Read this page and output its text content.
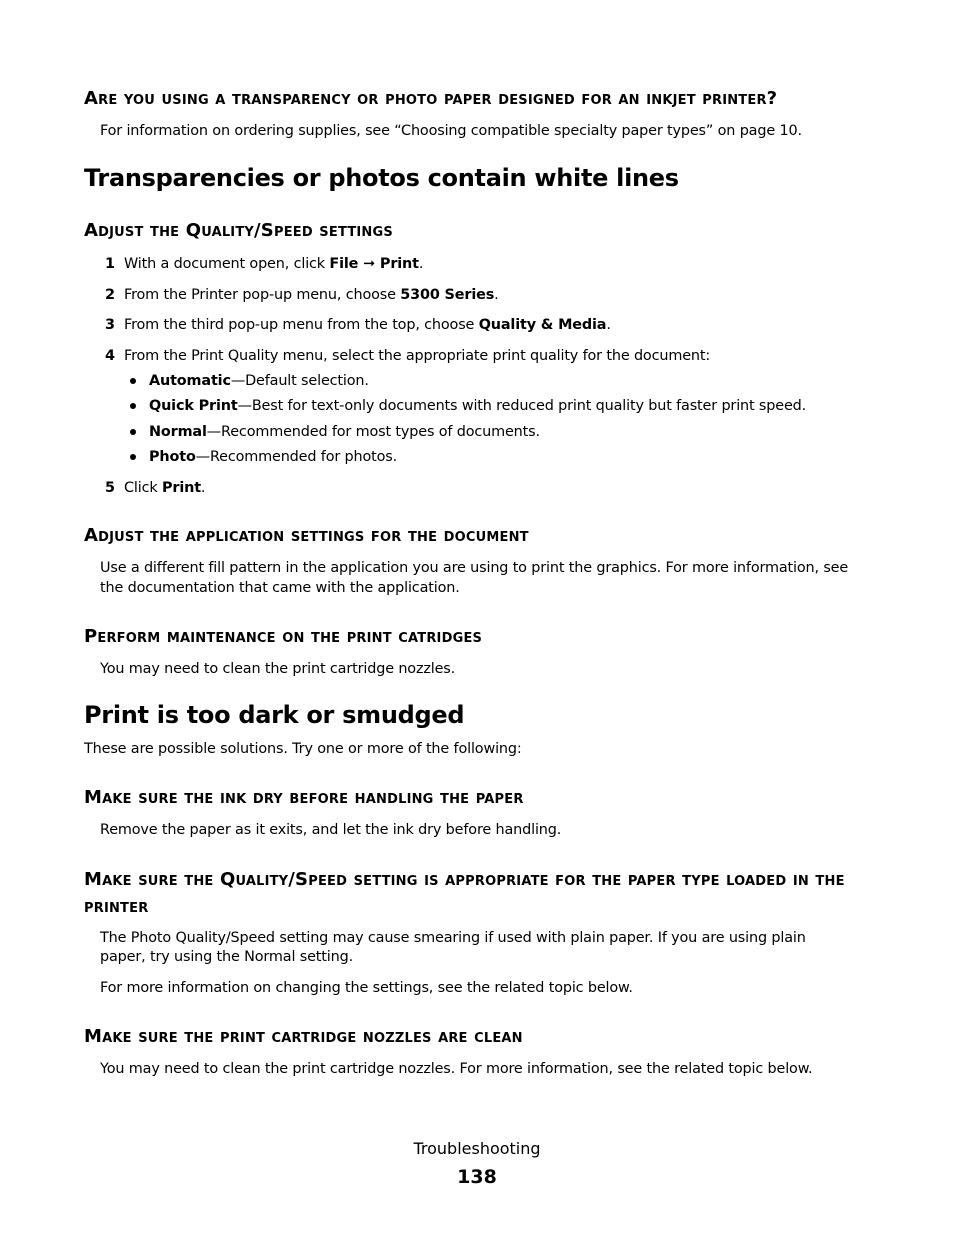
Are you using a transparency or photo paper designed for an inkjet printer?

For information on ordering supplies, see “Choosing compatible specialty paper types” on page 10.

Transparencies or photos contain white lines
Adjust the Quality/Speed settings
1 With a document open, click File ➞ Print.
2 From the Printer pop-up menu, choose 5300 Series.
3 From the third pop-up menu from the top, choose Quality & Media.
4 From the Print Quality menu, select the appropriate print quality for the document:
Automatic—Default selection.
Quick Print—Best for text-only documents with reduced print quality but faster print speed.
Normal—Recommended for most types of documents.
Photo—Recommended for photos.
5 Click Print.
Adjust the application settings for the document

Use a different fill pattern in the application you are using to print the graphics. For more information, see the documentation that came with the application.

Perform maintenance on the print catridges

You may need to clean the print cartridge nozzles.

Print is too dark or smudged

These are possible solutions. Try one or more of the following:

Make sure the ink dry before handling the paper

Remove the paper as it exits, and let the ink dry before handling.

Make sure the Quality/Speed setting is appropriate for the paper type loaded in the printer

The Photo Quality/Speed setting may cause smearing if used with plain paper. If you are using plain paper, try using the Normal setting.

For more information on changing the settings, see the related topic below.

Make sure the print cartridge nozzles are clean

You may need to clean the print cartridge nozzles. For more information, see the related topic below.

Troubleshooting
138
